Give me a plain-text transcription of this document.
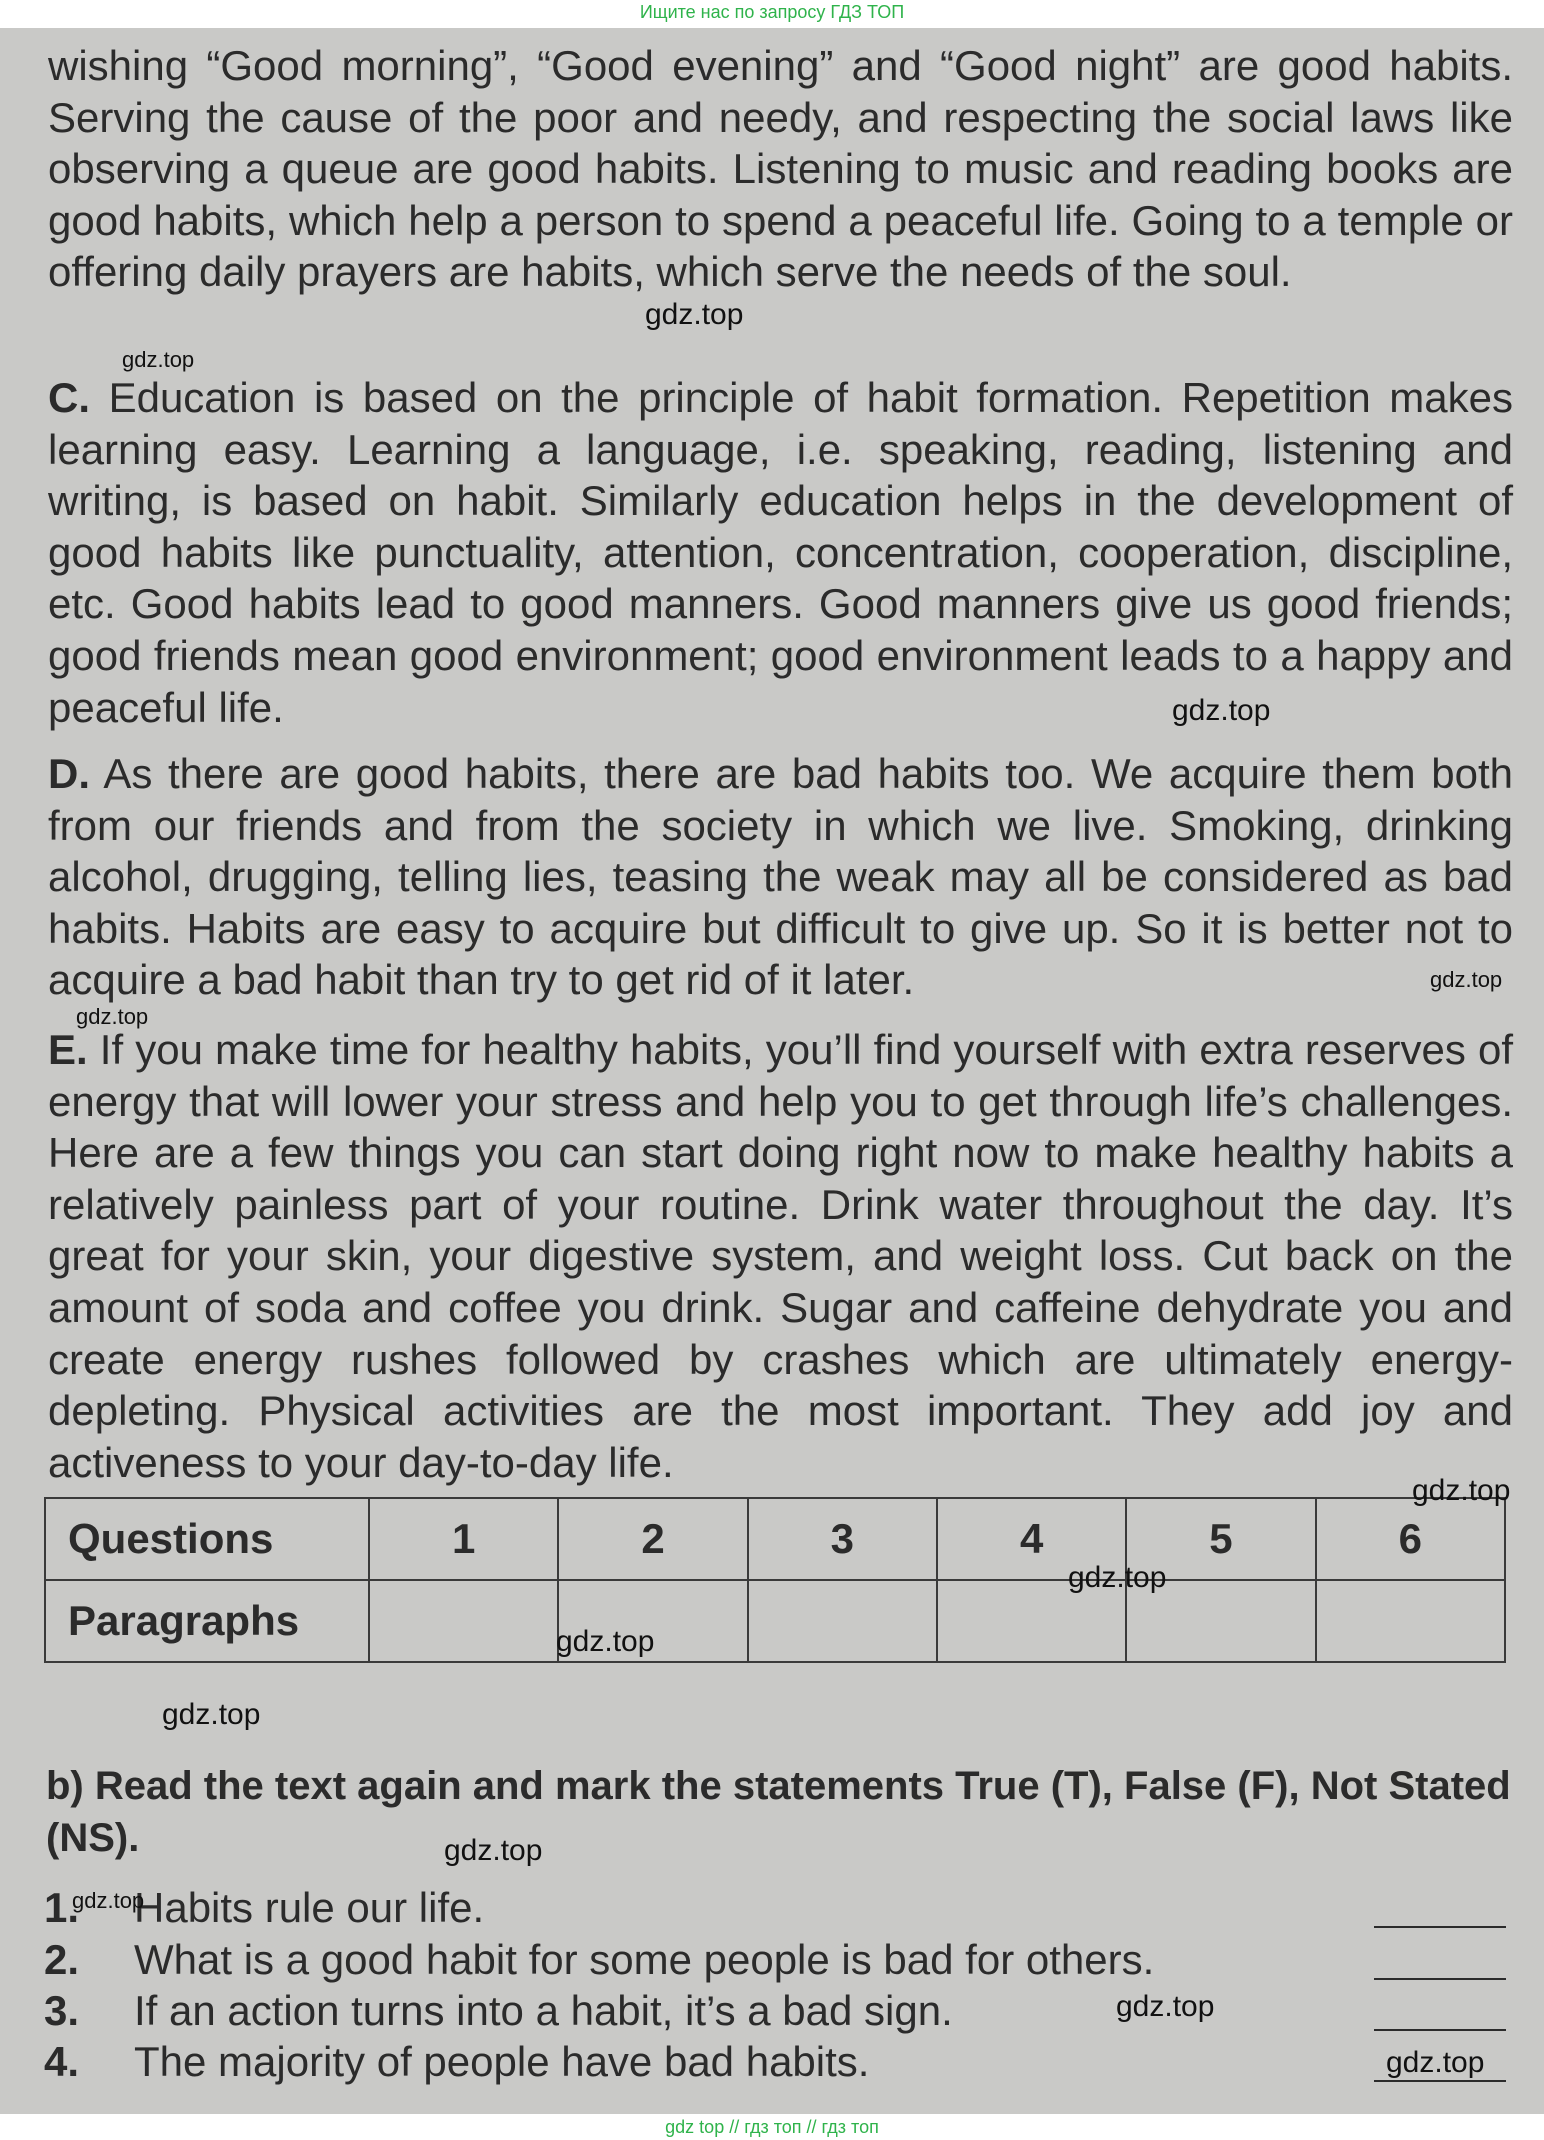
Ищите нас по запросу ГДЗ ТОП
wishing “Good morning”, “Good evening” and “Good night” are good habits. Serving the cause of the poor and needy, and respecting the social laws like observing a queue are good habits. Listening to music and reading books are good habits, which help a person to spend a peaceful life. Going to a temple or offering daily prayers are habits, which serve the needs of the soul.
C. Education is based on the principle of habit formation. Repetition makes learning easy. Learning a language, i.e. speaking, reading, listening and writing, is based on habit. Similarly education helps in the development of good habits like punctuality, attention, concentration, cooperation, discipline, etc. Good habits lead to good manners. Good manners give us good friends; good friends mean good environment; good environment leads to a happy and peaceful life.
D. As there are good habits, there are bad habits too. We acquire them both from our friends and from the society in which we live. Smoking, drinking alcohol, drugging, telling lies, teasing the weak may all be considered as bad habits. Habits are easy to acquire but difficult to give up. So it is better not to acquire a bad habit than try to get rid of it later.
E. If you make time for healthy habits, you’ll find yourself with extra reserves of energy that will lower your stress and help you to get through life’s challenges. Here are a few things you can start doing right now to make healthy habits a relatively painless part of your routine. Drink water throughout the day. It’s great for your skin, your digestive system, and weight loss. Cut back on the amount of soda and coffee you drink. Sugar and caffeine dehydrate you and create energy rushes followed by crashes which are ultimately energy-depleting. Physical activities are the most important. They add joy and activeness to your day-to-day life.
Questions	1	2	3	4	5	6
Paragraphs						
b) Read the text again and mark the statements True (T), False (F), Not Stated (NS).
1. Habits rule our life.
2. What is a good habit for some people is bad for others.
3. If an action turns into a habit, it’s a bad sign.
4. The majority of people have bad habits.
gdz.top
gdz.top
gdz.top
gdz.top
gdz.top
gdz.top
gdz.top
gdz.top
gdz.top
gdz.top
gdz.top
gdz.top
gdz.top
gdz top // гдз топ // гдз топ
